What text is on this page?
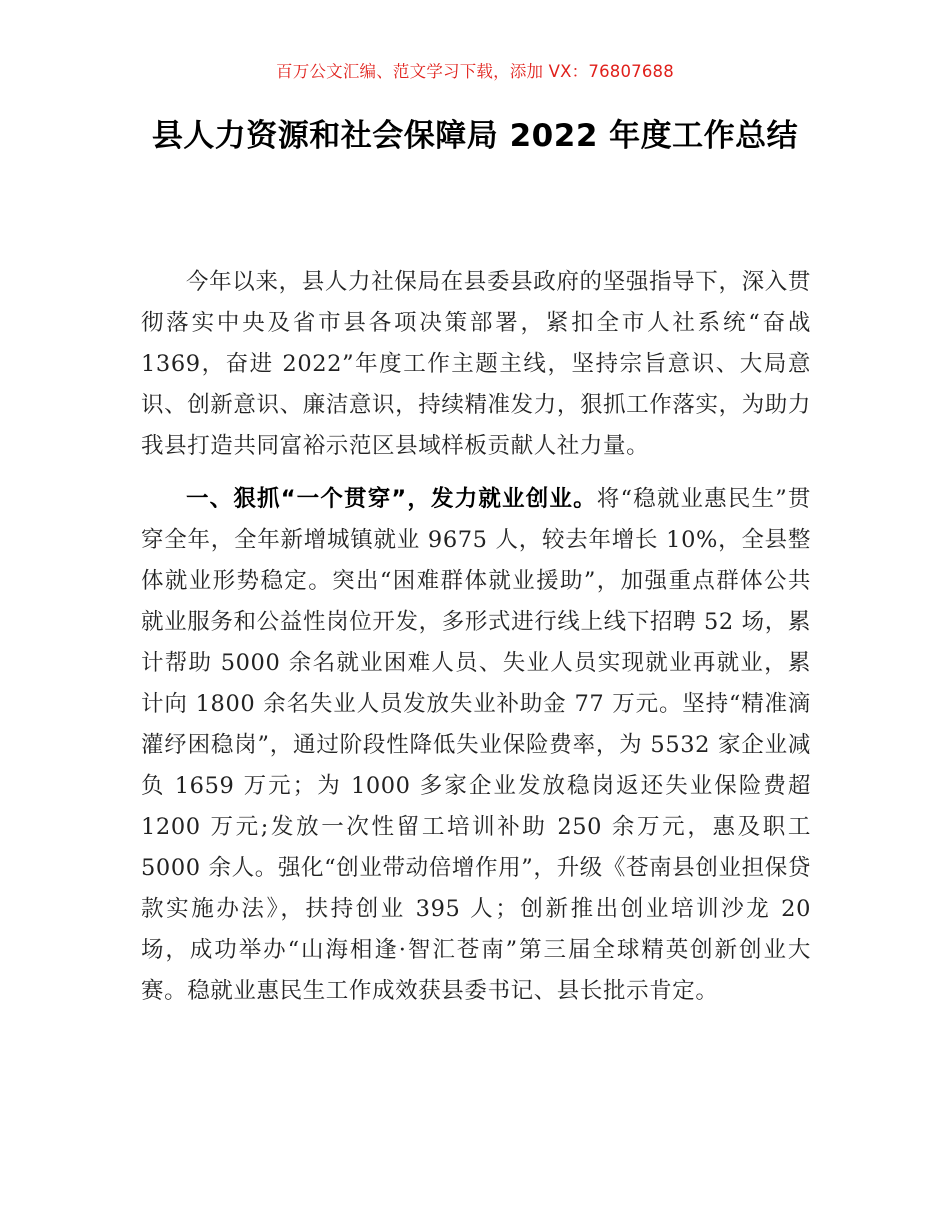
百万公文汇编、范文学习下载，添加 VX：76807688

县人力资源和社会保障局 2022 年度工作总结

今年以来，县人力社保局在县委县政府的坚强指导下，深入贯彻落实中央及省市县各项决策部署，紧扣全市人社系统“奋战 1369，奋进 2022”年度工作主题主线，坚持宗旨意识、大局意识、创新意识、廉洁意识，持续精准发力，狠抓工作落实，为助力我县打造共同富裕示范区县域样板贡献人社力量。

一、狠抓“一个贯穿”，发力就业创业。将“稳就业惠民生”贯穿全年，全年新增城镇就业 9675 人，较去年增长 10%，全县整体就业形势稳定。突出“困难群体就业援助”，加强重点群体公共就业服务和公益性岗位开发，多形式进行线上线下招聘 52 场，累计帮助 5000 余名就业困难人员、失业人员实现就业再就业，累计向 1800 余名失业人员发放失业补助金 77 万元。坚持“精准滴灌纾困稳岗”，通过阶段性降低失业保险费率，为 5532 家企业减负 1659 万元；为 1000 多家企业发放稳岗返还失业保险费超 1200 万元;发放一次性留工培训补助 250 余万元，惠及职工 5000 余人。强化“创业带动倍增作用”，升级《苍南县创业担保贷款实施办法》，扶持创业 395 人；创新推出创业培训沙龙 20 场，成功举办“山海相逢·智汇苍南”第三届全球精英创新创业大赛。稳就业惠民生工作成效获县委书记、县长批示肯定。
